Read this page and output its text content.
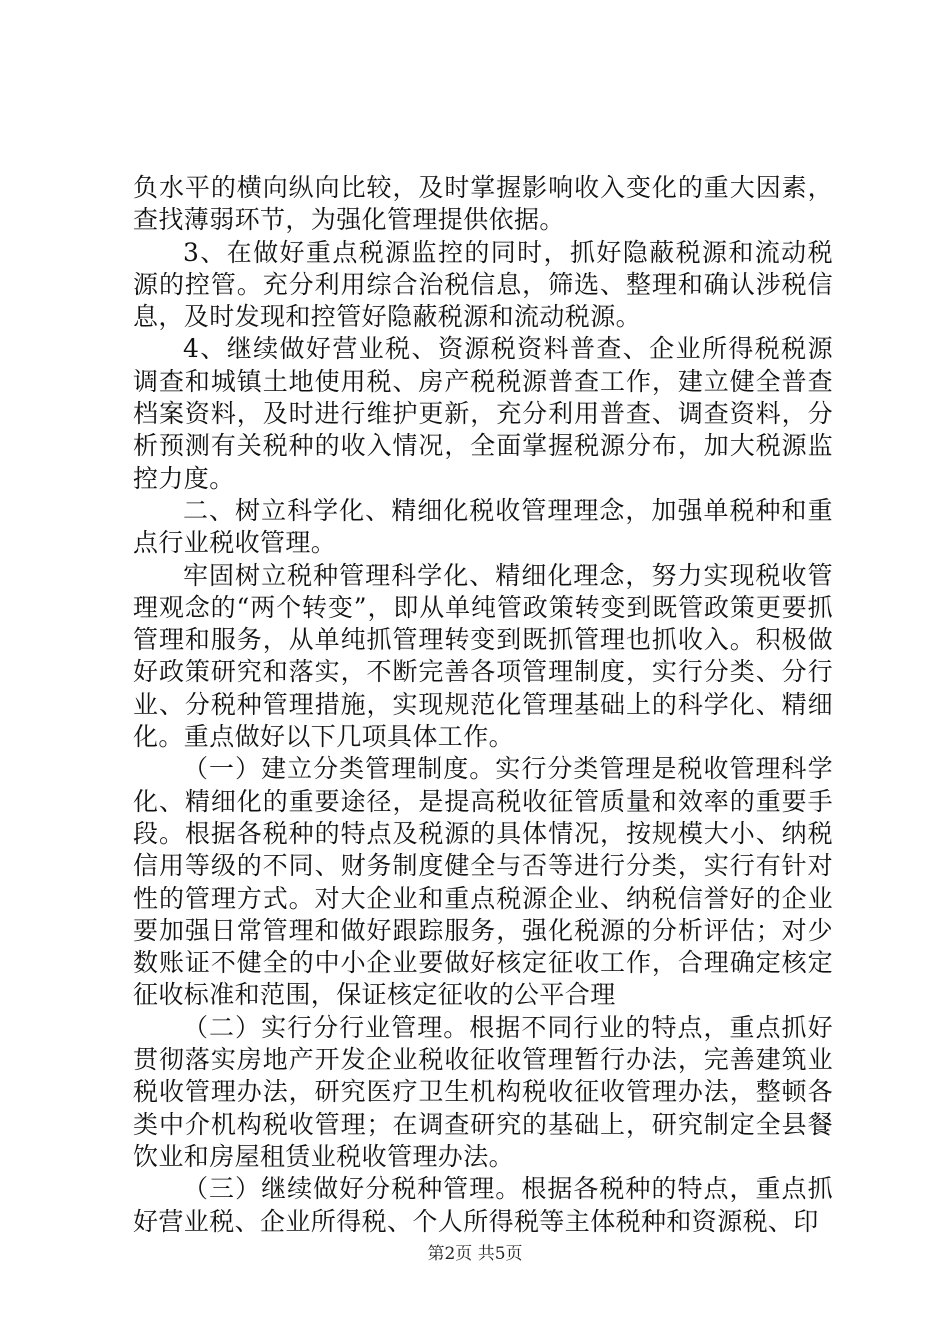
负水平的横向纵向比较，及时掌握影响收入变化的重大因素，查找薄弱环节，为强化管理提供依据。

3、在做好重点税源监控的同时，抓好隐蔽税源和流动税源的控管。充分利用综合治税信息，筛选、整理和确认涉税信息，及时发现和控管好隐蔽税源和流动税源。

4、继续做好营业税、资源税资料普查、企业所得税税源调查和城镇土地使用税、房产税税源普查工作，建立健全普查档案资料，及时进行维护更新，充分利用普查、调查资料，分析预测有关税种的收入情况，全面掌握税源分布，加大税源监控力度。

二、树立科学化、精细化税收管理理念，加强单税种和重点行业税收管理。

牢固树立税种管理科学化、精细化理念，努力实现税收管理观念的“两个转变”，即从单纯管政策转变到既管政策更要抓管理和服务，从单纯抓管理转变到既抓管理也抓收入。积极做好政策研究和落实，不断完善各项管理制度，实行分类、分行业、分税种管理措施，实现规范化管理基础上的科学化、精细化。重点做好以下几项具体工作。

（一）建立分类管理制度。实行分类管理是税收管理科学化、精细化的重要途径，是提高税收征管质量和效率的重要手段。根据各税种的特点及税源的具体情况，按规模大小、纳税信用等级的不同、财务制度健全与否等进行分类，实行有针对性的管理方式。对大企业和重点税源企业、纳税信誉好的企业要加强日常管理和做好跟踪服务，强化税源的分析评估；对少数账证不健全的中小企业要做好核定征收工作，合理确定核定征收标准和范围，保证核定征收的公平合理

（二）实行分行业管理。根据不同行业的特点，重点抓好贯彻落实房地产开发企业税收征收管理暂行办法，完善建筑业税收管理办法，研究医疗卫生机构税收征收管理办法，整顿各类中介机构税收管理；在调查研究的基础上，研究制定全县餐饮业和房屋租赁业税收管理办法。

（三）继续做好分税种管理。根据各税种的特点，重点抓好营业税、企业所得税、个人所得税等主体税种和资源税、印

第2页 共5页
